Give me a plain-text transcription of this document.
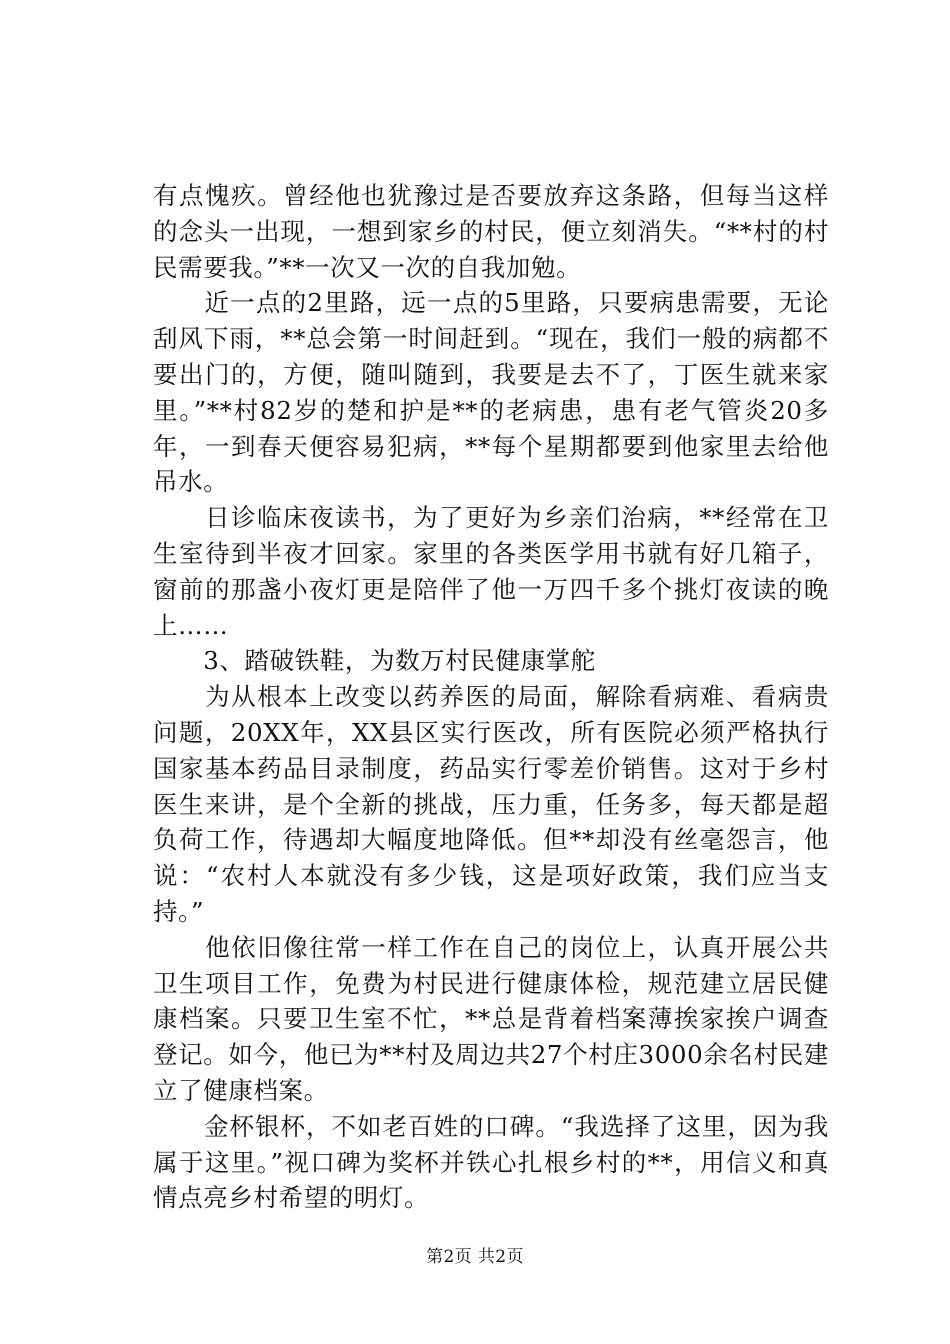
有点愧疚。曾经他也犹豫过是否要放弃这条路，但每当这样的念头一出现，一想到家乡的村民，便立刻消失。“**村的村民需要我。”**一次又一次的自我加勉。

　　近一点的2里路，远一点的5里路，只要病患需要，无论刮风下雨，**总会第一时间赶到。“现在，我们一般的病都不要出门的，方便，随叫随到，我要是去不了，丁医生就来家里。”**村82岁的楚和护是**的老病患，患有老气管炎20多年，一到春天便容易犯病，**每个星期都要到他家里去给他吊水。

　　日诊临床夜读书，为了更好为乡亲们治病，**经常在卫生室待到半夜才回家。家里的各类医学用书就有好几箱子，窗前的那盏小夜灯更是陪伴了他一万四千多个挑灯夜读的晚上……

　　3、踏破铁鞋，为数万村民健康掌舵

　　为从根本上改变以药养医的局面，解除看病难、看病贵问题，20XX年，XX县区实行医改，所有医院必须严格执行国家基本药品目录制度，药品实行零差价销售。这对于乡村医生来讲，是个全新的挑战，压力重，任务多，每天都是超负荷工作，待遇却大幅度地降低。但**却没有丝毫怨言，他说：“农村人本就没有多少钱，这是项好政策，我们应当支持。”

　　他依旧像往常一样工作在自己的岗位上，认真开展公共卫生项目工作，免费为村民进行健康体检，规范建立居民健康档案。只要卫生室不忙，**总是背着档案薄挨家挨户调查登记。如今，他已为**村及周边共27个村庄3000余名村民建立了健康档案。

　　金杯银杯，不如老百姓的口碑。“我选择了这里，因为我属于这里。”视口碑为奖杯并铁心扎根乡村的**，用信义和真情点亮乡村希望的明灯。

第2页 共2页
